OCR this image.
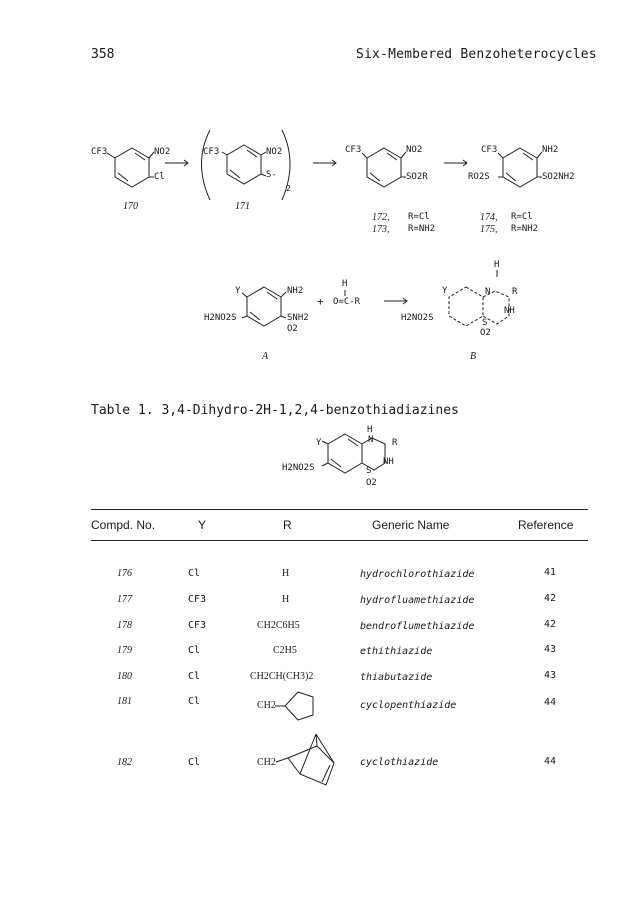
358	Six-Membered Benzoheterocycles
CF3	NO2
Cl
170
CF3	NO2
S-
2
171
CF3	NO2
SO2R
172, R=Cl
173, R=NH2
CF3	NH2
RO2S	SO2NH2
174, R=Cl
175, R=NH2
Y	NH2
H2NO2S	SNH2
O2
A
+
H
O=C-R
Y
H
N R
H2NO2S	S
NH
O2
B
Table 1. 3,4-Dihydro-2H-1,2,4-benzothiadiazines
Y
H
N R
H2NO2S	S
NH
O2
Compd. No.	Y	R	Generic Name	Reference
176	Cl	H	hydrochlorothiazide	41
177	CF3	H	hydrofluamethiazide	42
178	CF3	CH2C6H5	bendroflumethiazide	42
179	Cl	C2H5	ethithiazide	43
180	Cl	CH2CH(CH3)2	thiabutazide	43
181	Cl	CH2	cyclopenthiazide	44
182	Cl	CH2	cyclothiazide	44
